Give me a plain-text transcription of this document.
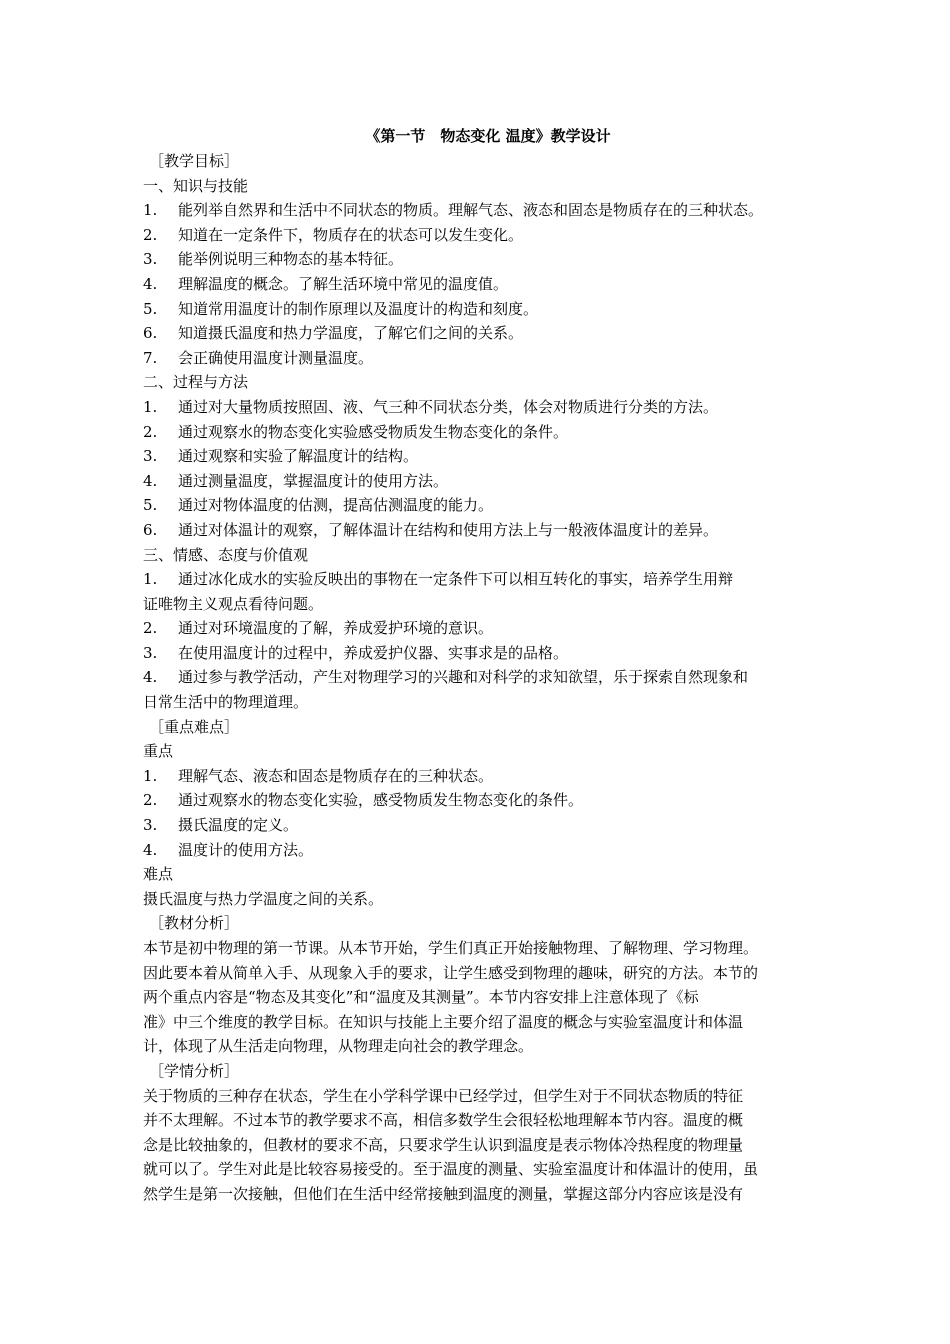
《第一节　物态变化 温度》教学设计

［教学目标］

一、知识与技能

1. 能列举自然界和生活中不同状态的物质。理解气态、液态和固态是物质存在的三种状态。

2. 知道在一定条件下，物质存在的状态可以发生变化。

3. 能举例说明三种物态的基本特征。

4. 理解温度的概念。了解生活环境中常见的温度值。

5. 知道常用温度计的制作原理以及温度计的构造和刻度。

6. 知道摄氏温度和热力学温度，了解它们之间的关系。

7. 会正确使用温度计测量温度。

二、过程与方法

1. 通过对大量物质按照固、液、气三种不同状态分类，体会对物质进行分类的方法。

2. 通过观察水的物态变化实验感受物质发生物态变化的条件。

3. 通过观察和实验了解温度计的结构。

4. 通过测量温度，掌握温度计的使用方法。

5. 通过对物体温度的估测，提高估测温度的能力。

6. 通过对体温计的观察，了解体温计在结构和使用方法上与一般液体温度计的差异。

三、情感、态度与价值观

1. 通过冰化成水的实验反映出的事物在一定条件下可以相互转化的事实，培养学生用辩

证唯物主义观点看待问题。

2. 通过对环境温度的了解，养成爱护环境的意识。

3. 在使用温度计的过程中，养成爱护仪器、实事求是的品格。

4. 通过参与教学活动，产生对物理学习的兴趣和对科学的求知欲望，乐于探索自然现象和

日常生活中的物理道理。

［重点难点］

重点

1. 理解气态、液态和固态是物质存在的三种状态。

2. 通过观察水的物态变化实验，感受物质发生物态变化的条件。

3. 摄氏温度的定义。

4. 温度计的使用方法。

难点

摄氏温度与热力学温度之间的关系。

［教材分析］

本节是初中物理的第一节课。从本节开始，学生们真正开始接触物理、了解物理、学习物理。

因此要本着从简单入手、从现象入手的要求，让学生感受到物理的趣味，研究的方法。本节的

两个重点内容是“物态及其变化”和“温度及其测量”。本节内容安排上注意体现了《标

准》中三个维度的教学目标。在知识与技能上主要介绍了温度的概念与实验室温度计和体温

计，体现了从生活走向物理，从物理走向社会的教学理念。

［学情分析］

关于物质的三种存在状态，学生在小学科学课中已经学过，但学生对于不同状态物质的特征

并不太理解。不过本节的教学要求不高，相信多数学生会很轻松地理解本节内容。温度的概

念是比较抽象的，但教材的要求不高，只要求学生认识到温度是表示物体冷热程度的物理量

就可以了。学生对此是比较容易接受的。至于温度的测量、实验室温度计和体温计的使用，虽

然学生是第一次接触，但他们在生活中经常接触到温度的测量，掌握这部分内容应该是没有
